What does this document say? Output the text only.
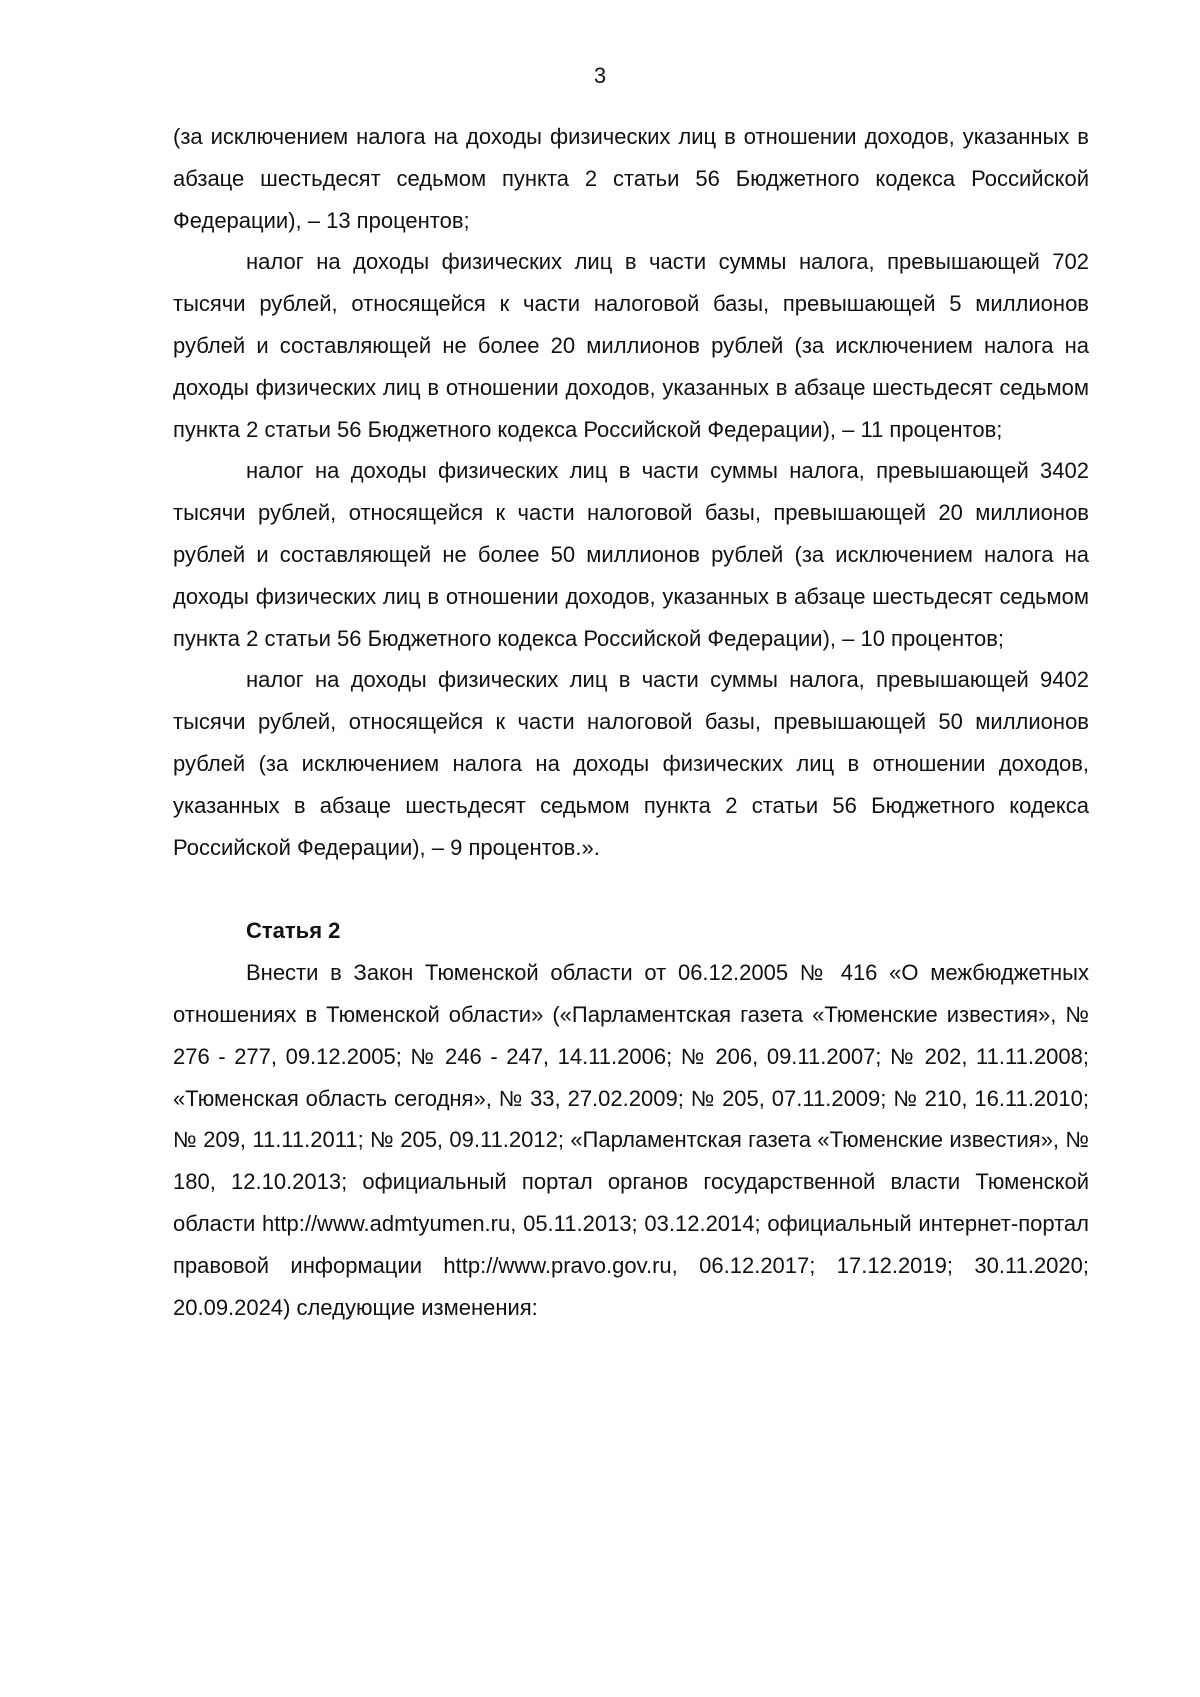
3

(за исключением налога на доходы физических лиц в отношении доходов, указанных в абзаце шестьдесят седьмом пункта 2 статьи 56 Бюджетного кодекса Российской Федерации), – 13 процентов;

налог на доходы физических лиц в части суммы налога, превышающей 702 тысячи рублей, относящейся к части налоговой базы, превышающей 5 миллионов рублей и составляющей не более 20 миллионов рублей (за исключением налога на доходы физических лиц в отношении доходов, указанных в абзаце шестьдесят седьмом пункта 2 статьи 56 Бюджетного кодекса Российской Федерации), – 11 процентов;

налог на доходы физических лиц в части суммы налога, превышающей 3402 тысячи рублей, относящейся к части налоговой базы, превышающей 20 миллионов рублей и составляющей не более 50 миллионов рублей (за исключением налога на доходы физических лиц в отношении доходов, указанных в абзаце шестьдесят седьмом пункта 2 статьи 56 Бюджетного кодекса Российской Федерации), – 10 процентов;

налог на доходы физических лиц в части суммы налога, превышающей 9402 тысячи рублей, относящейся к части налоговой базы, превышающей 50 миллионов рублей (за исключением налога на доходы физических лиц в отношении доходов, указанных в абзаце шестьдесят седьмом пункта 2 статьи 56 Бюджетного кодекса Российской Федерации), – 9 процентов.».

Статья 2

Внести в Закон Тюменской области от 06.12.2005 № 416 «О межбюджетных отношениях в Тюменской области» («Парламентская газета «Тюменские известия», № 276 - 277, 09.12.2005; № 246 - 247, 14.11.2006; № 206, 09.11.2007; № 202, 11.11.2008; «Тюменская область сегодня», № 33, 27.02.2009; № 205, 07.11.2009; № 210, 16.11.2010; № 209, 11.11.2011; № 205, 09.11.2012; «Парламентская газета «Тюменские известия», № 180, 12.10.2013; официальный портал органов государственной власти Тюменской области http://www.admtyumen.ru, 05.11.2013; 03.12.2014; официальный интернет-портал правовой информации http://www.pravo.gov.ru, 06.12.2017; 17.12.2019; 30.11.2020; 20.09.2024) следующие изменения:
